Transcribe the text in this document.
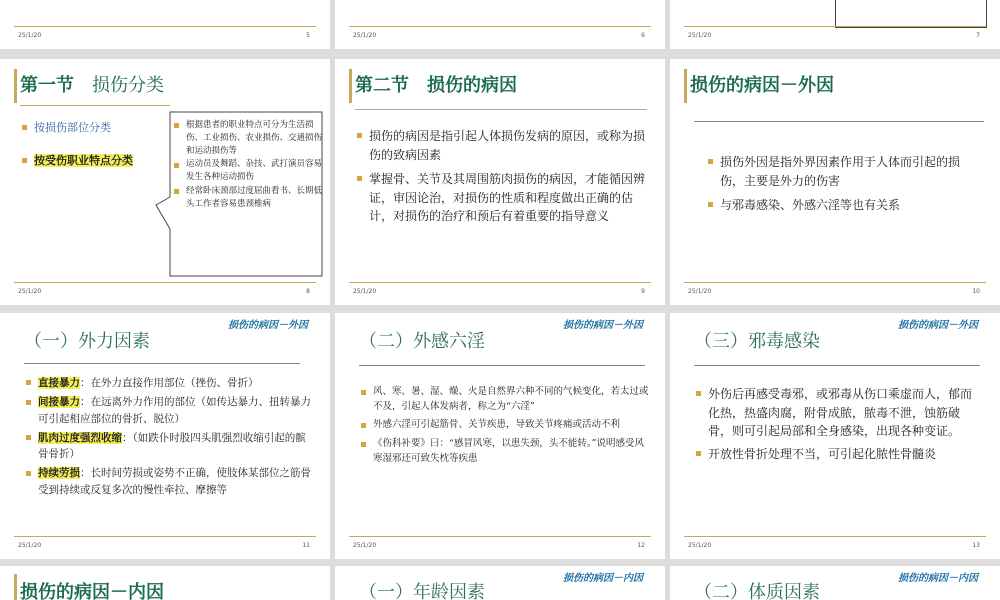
25/1/20	5	25/1/20	6	25/1/20	7
第一节 损伤分类
按损伤部位分类
按受伤职业特点分类
根据患者的职业特点可分为生活损伤、工业损伤、农业损伤、交通损伤和运动损伤等
运动员及舞蹈、杂技、武打演员容易发生各种运动损伤
经常卧床颈部过度屈曲看书、长期低头工作者容易患颈椎病
25/1/20	8
第二节 损伤的病因
损伤的病因是指引起人体损伤发病的原因，或称为损伤的致病因素
掌握骨、关节及其周围筋肉损伤的病因，才能循因辨证，审因论治，对损伤的性质和程度做出正确的估计，对损伤的治疗和预后有着重要的指导意义
25/1/20	9
损伤的病因－外因
损伤外因是指外界因素作用于人体而引起的损伤，主要是外力的伤害
与邪毒感染、外感六淫等也有关系
25/1/20	10
损伤的病因－外因
（一）外力因素
直接暴力：在外力直接作用部位（挫伤、骨折）
间接暴力：在远离外力作用的部位（如传达暴力、扭转暴力可引起相应部位的骨折、脱位）
肌肉过度强烈收缩：（如跌仆时股四头肌强烈收缩引起的髌骨骨折）
持续劳损：长时间劳损或姿势不正确，使肢体某部位之筋骨受到持续或反复多次的慢性牵拉、摩擦等
25/1/20	11
损伤的病因－外因
（二）外感六淫
风、寒、暑、湿、燥、火是自然界六种不同的气候变化，若太过或不及，引起人体发病者，称之为“六淫”
外感六淫可引起筋骨、关节疾患，导致关节疼痛或活动不利
《伤科补要》曰：“感冒风寒，以患失颈，头不能转。”说明感受风寒湿邪还可致失枕等疾患
25/1/20	12
损伤的病因－外因
（三）邪毒感染
外伤后再感受毒邪，或邪毒从伤口乘虚而人，郁而化热，热盛肉腐，附骨成脓，脓毒不泄，蚀筋破骨，则可引起局部和全身感染，出现各种变证。
开放性骨折处理不当，可引起化脓性骨髓炎
25/1/20	13
损伤的病因－内因
损伤的病因－内因
（一）年龄因素
损伤的病因－内因
（二）体质因素
